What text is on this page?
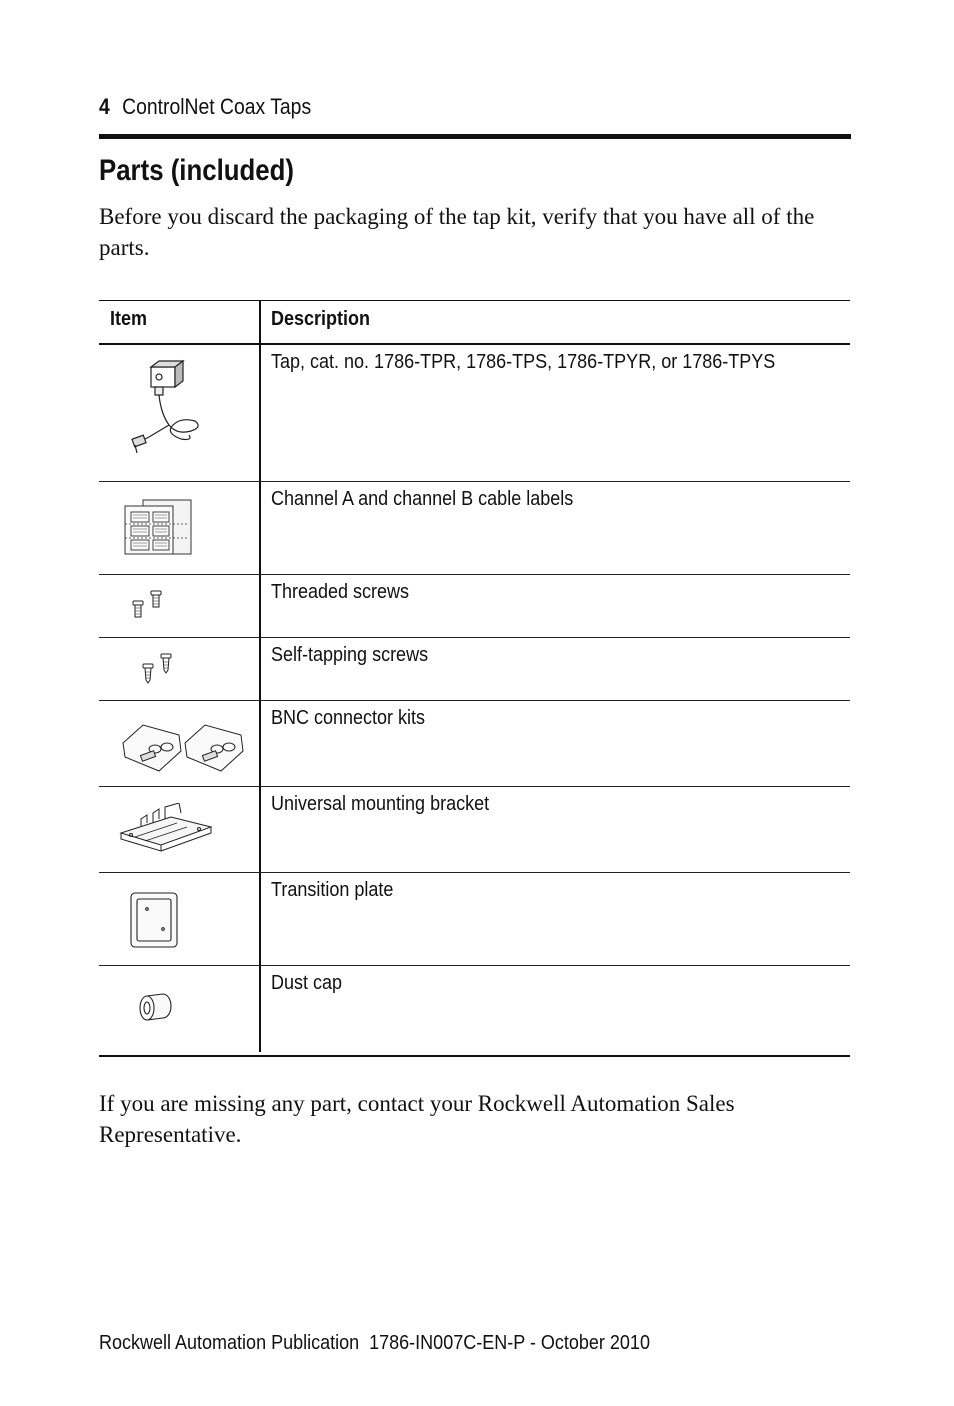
4 ControlNet Coax Taps
Parts (included)

Before you discard the packaging of the tap kit, verify that you have all of the parts.

Item	Description
Tap, cat. no. 1786-TPR, 1786-TPS, 1786-TPYR, or 1786-TPYS
Channel A and channel B cable labels
Threaded screws
Self-tapping screws
BNC connector kits
Universal mounting bracket
Transition plate
Dust cap

If you are missing any part, contact your Rockwell Automation Sales Representative.

Rockwell Automation Publication  1786-IN007C-EN-P - October 2010
